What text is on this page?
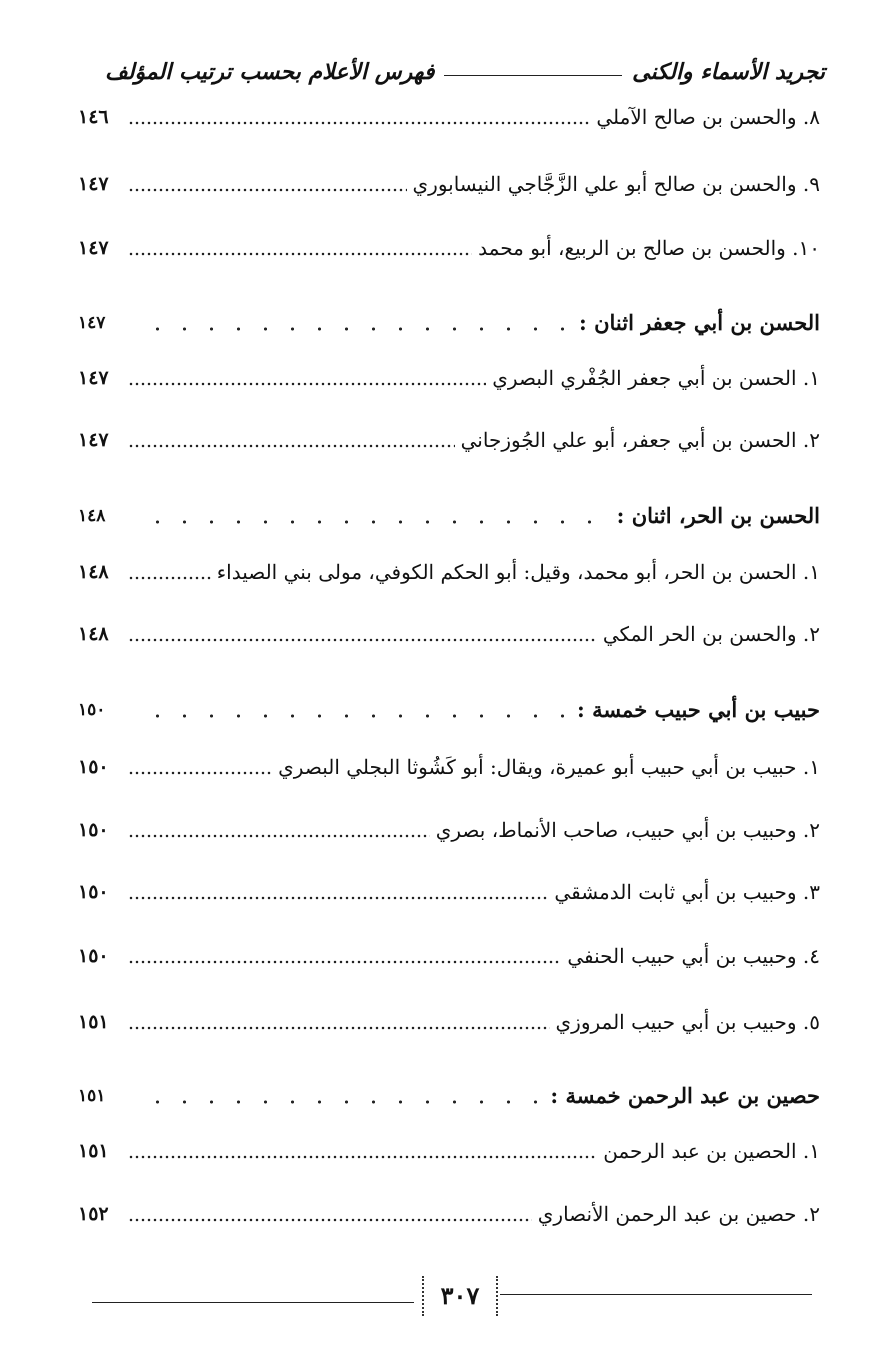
تجريد الأسماء والكنى
فهرس الأعلام بحسب ترتيب المؤلف
٨. والحسن بن صالح الآملي
١٤٦
٩. والحسن بن صالح أبو علي الزَّجَّاجي النيسابوري
١٤٧
١٠. والحسن بن صالح بن الربيع، أبو محمد
١٤٧
الحسن بن أبي جعفر اثنان :
١٤٧
١. الحسن بن أبي جعفر الجُفْري البصري
١٤٧
٢. الحسن بن أبي جعفر، أبو علي الجُوزجاني
١٤٧
الحسن بن الحر، اثنان :
١٤٨
١. الحسن بن الحر، أبو محمد، وقيل: أبو الحكم الكوفي، مولى بني الصيداء
١٤٨
٢. والحسن بن الحر المكي
١٤٨
حبيب بن أبي حبيب خمسة :
١٥٠
١. حبيب بن أبي حبيب أبو عميرة، ويقال: أبو كَشُوثا البجلي البصري
١٥٠
٢. وحبيب بن أبي حبيب، صاحب الأنماط، بصري
١٥٠
٣. وحبيب بن أبي ثابت الدمشقي
١٥٠
٤. وحبيب بن أبي حبيب الحنفي
١٥٠
٥. وحبيب بن أبي حبيب المروزي
١٥١
حصين بن عبد الرحمن خمسة :
١٥١
١. الحصين بن عبد الرحمن
١٥١
٢. حصين بن عبد الرحمن الأنصاري
١٥٢
٣٠٧
